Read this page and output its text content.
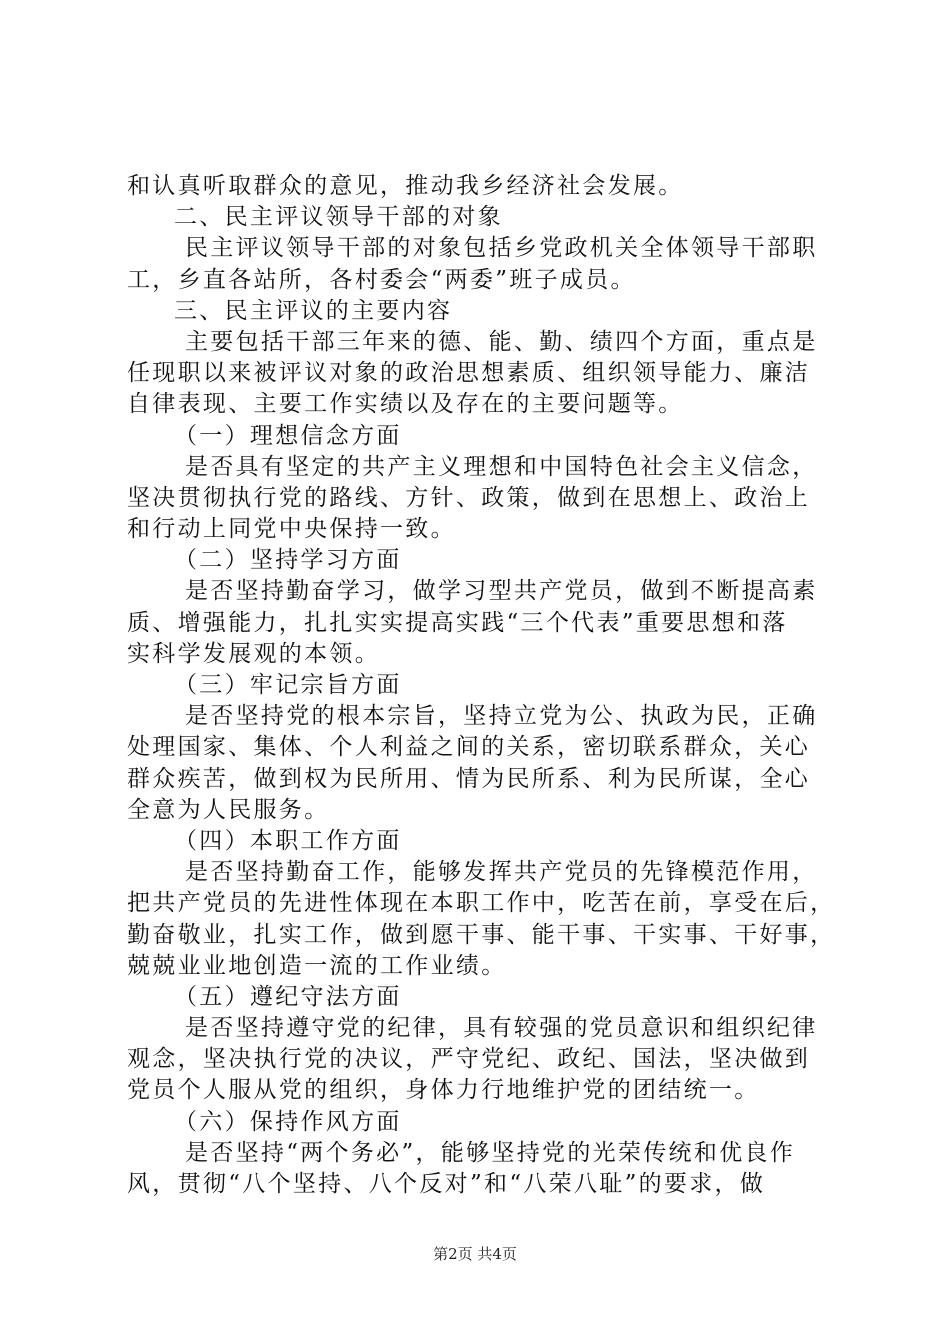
和认真听取群众的意见，推动我乡经济社会发展。
二、民主评议领导干部的对象
民主评议领导干部的对象包括乡党政机关全体领导干部职
工，乡直各站所，各村委会“两委”班子成员。
三、民主评议的主要内容
主要包括干部三年来的德、能、勤、绩四个方面，重点是
任现职以来被评议对象的政治思想素质、组织领导能力、廉洁
自律表现、主要工作实绩以及存在的主要问题等。
（一）理想信念方面
是否具有坚定的共产主义理想和中国特色社会主义信念，
坚决贯彻执行党的路线、方针、政策，做到在思想上、政治上
和行动上同党中央保持一致。
（二）坚持学习方面
是否坚持勤奋学习，做学习型共产党员，做到不断提高素
质、增强能力，扎扎实实提高实践“三个代表”重要思想和落
实科学发展观的本领。
（三）牢记宗旨方面
是否坚持党的根本宗旨，坚持立党为公、执政为民，正确
处理国家、集体、个人利益之间的关系，密切联系群众，关心
群众疾苦，做到权为民所用、情为民所系、利为民所谋，全心
全意为人民服务。
（四）本职工作方面
是否坚持勤奋工作，能够发挥共产党员的先锋模范作用，
把共产党员的先进性体现在本职工作中，吃苦在前，享受在后，
勤奋敬业，扎实工作，做到愿干事、能干事、干实事、干好事，
兢兢业业地创造一流的工作业绩。
（五）遵纪守法方面
是否坚持遵守党的纪律，具有较强的党员意识和组织纪律
观念，坚决执行党的决议，严守党纪、政纪、国法，坚决做到
党员个人服从党的组织，身体力行地维护党的团结统一。
（六）保持作风方面
是否坚持“两个务必”，能够坚持党的光荣传统和优良作
风，贯彻“八个坚持、八个反对”和“八荣八耻”的要求，做
第2页 共4页
